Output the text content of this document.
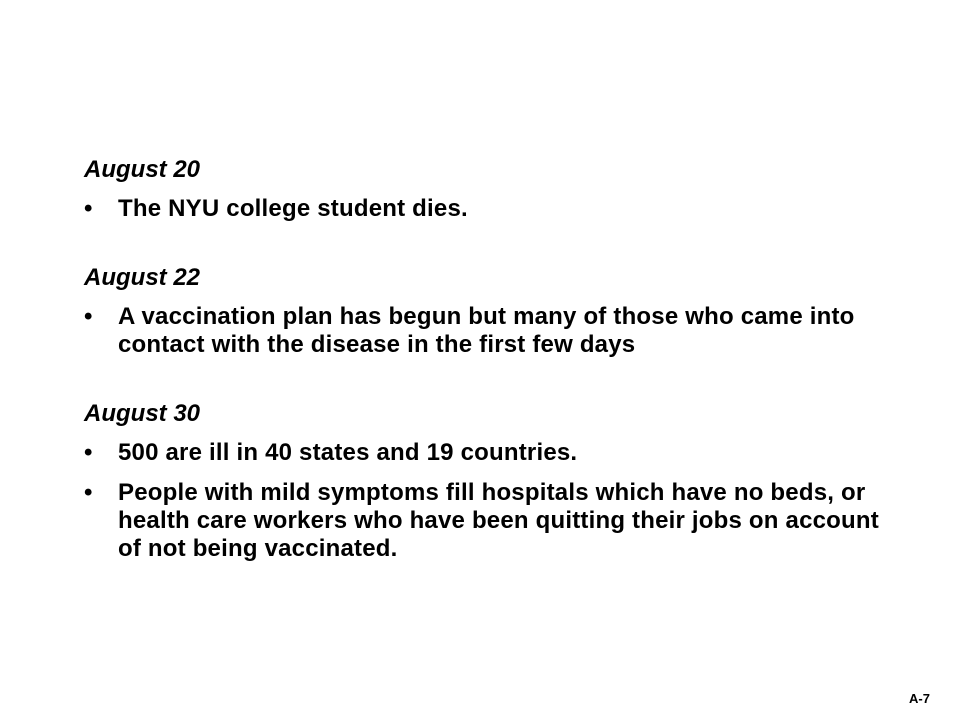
August 20

•	The NYU college student dies.

August 22

•	A vaccination plan has begun but many of those who came into contact with the disease in the first few days

August 30

•	500 are ill in 40 states and 19 countries.
•	People with mild symptoms fill hospitals which have no beds, or health care workers who have been quitting their jobs on account of not being vaccinated.
A-7
